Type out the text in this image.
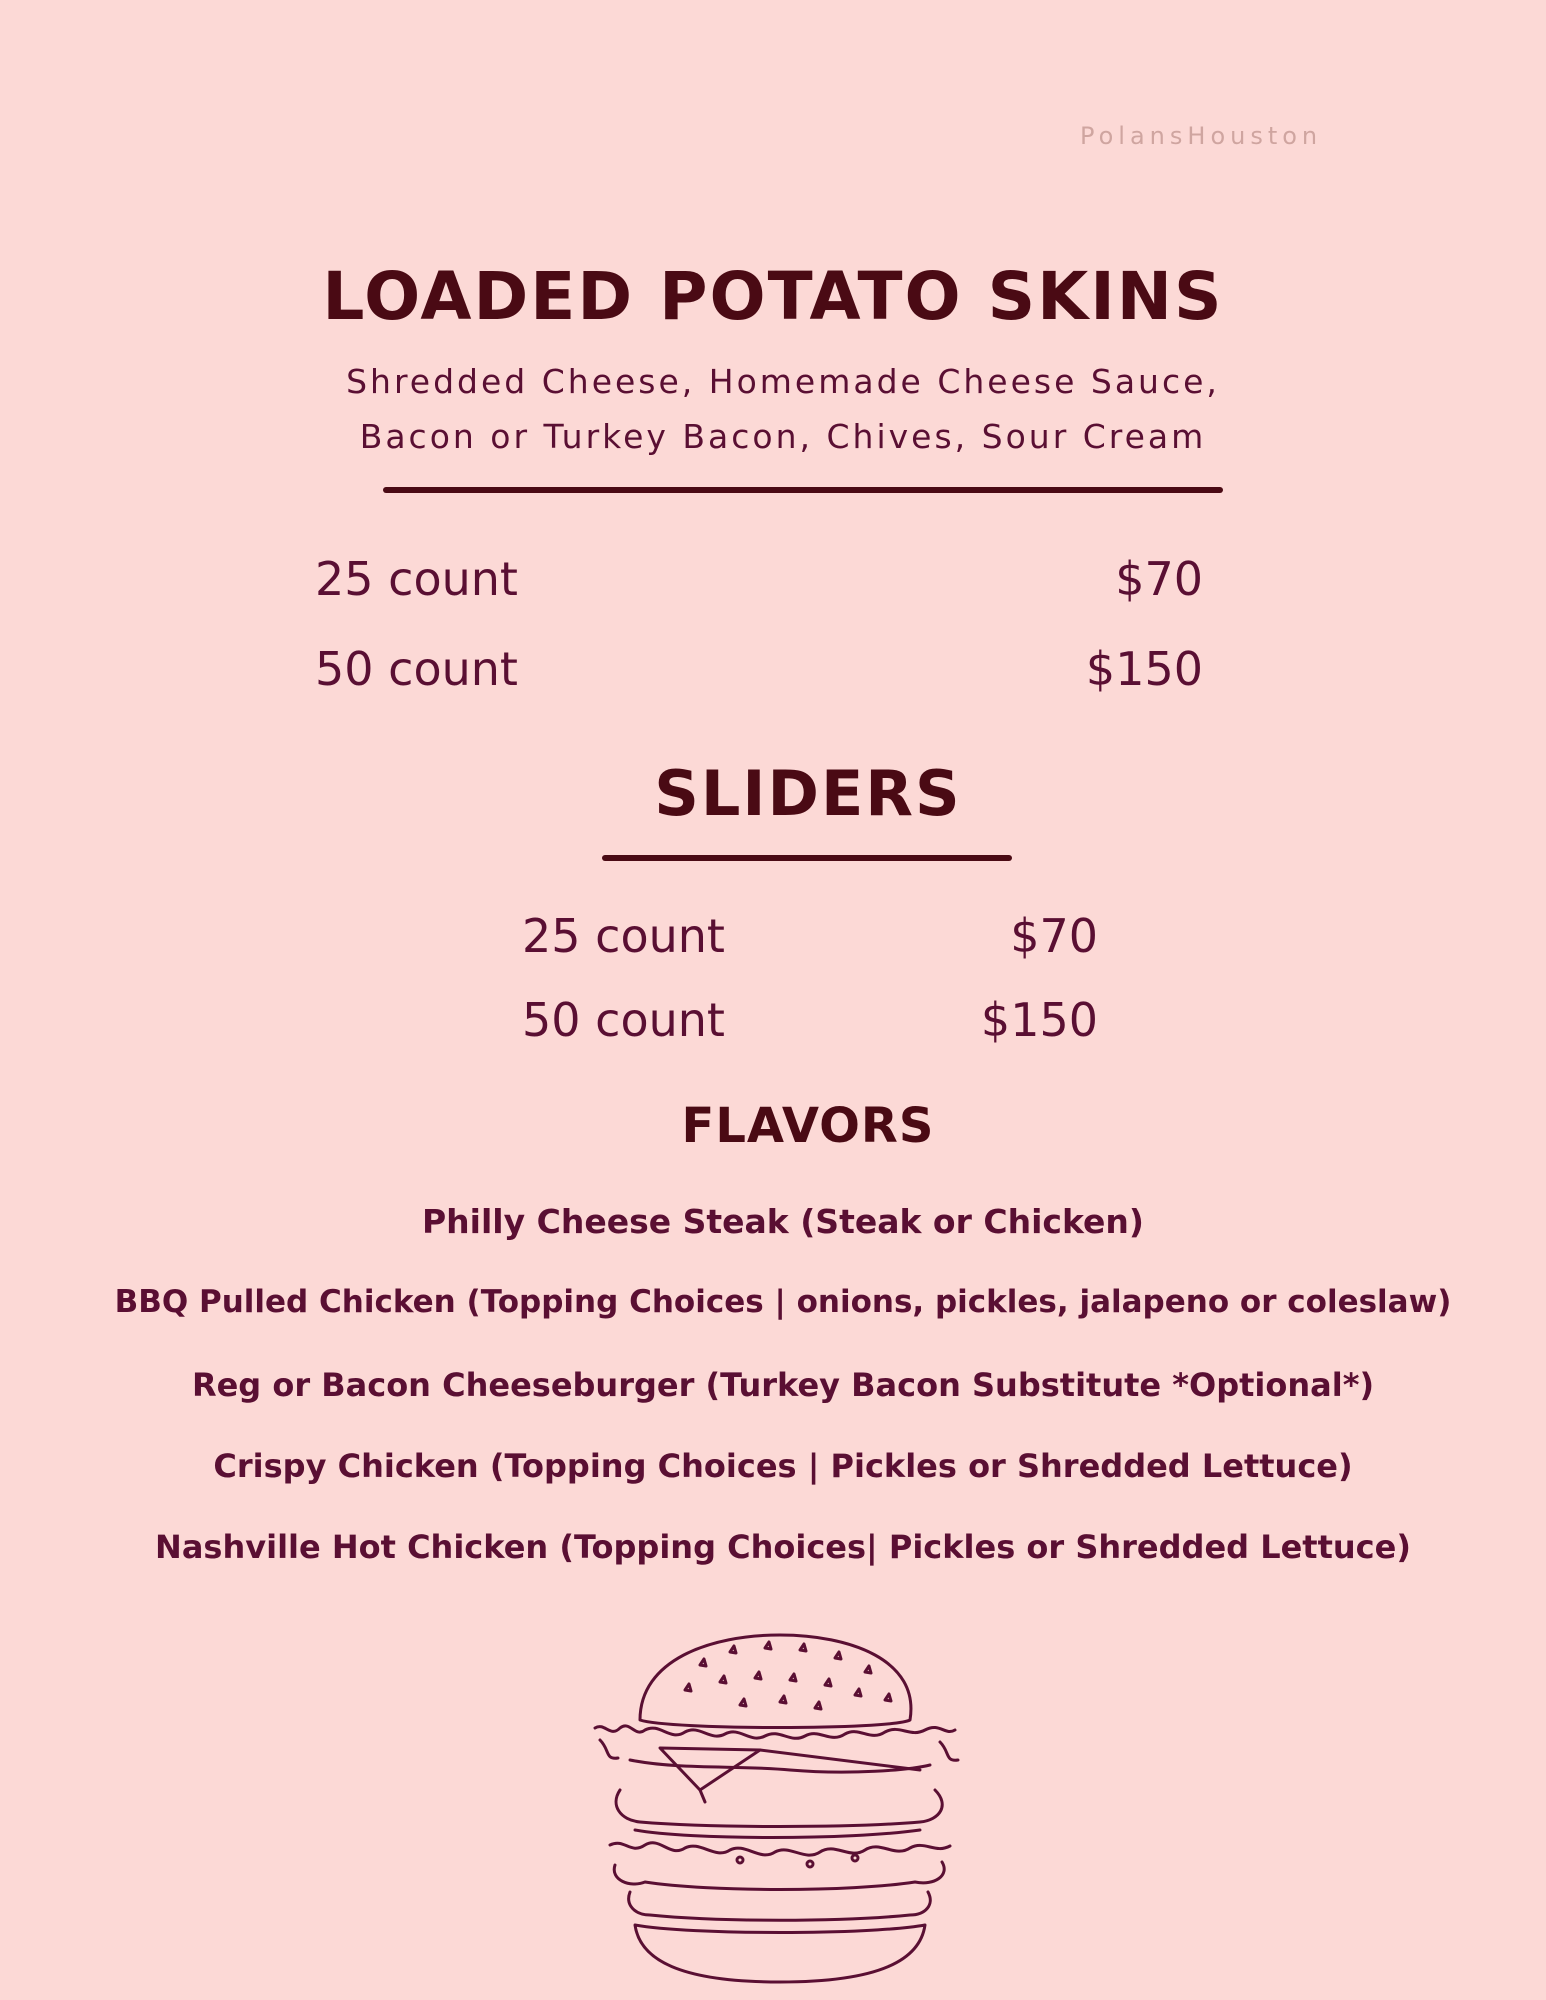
PolansHouston
LOADED POTATO SKINS
Shredded Cheese, Homemade Cheese Sauce,
Bacon or Turkey Bacon, Chives, Sour Cream
25 count	$70
50 count	$150
SLIDERS
25 count	$70
50 count	$150
FLAVORS
Philly Cheese Steak (Steak or Chicken)
BBQ Pulled Chicken (Topping Choices | onions, pickles, jalapeno or coleslaw)
Reg or Bacon Cheeseburger (Turkey Bacon Substitute *Optional*)
Crispy Chicken (Topping Choices | Pickles or Shredded Lettuce)
Nashville Hot Chicken (Topping Choices| Pickles or Shredded Lettuce)
